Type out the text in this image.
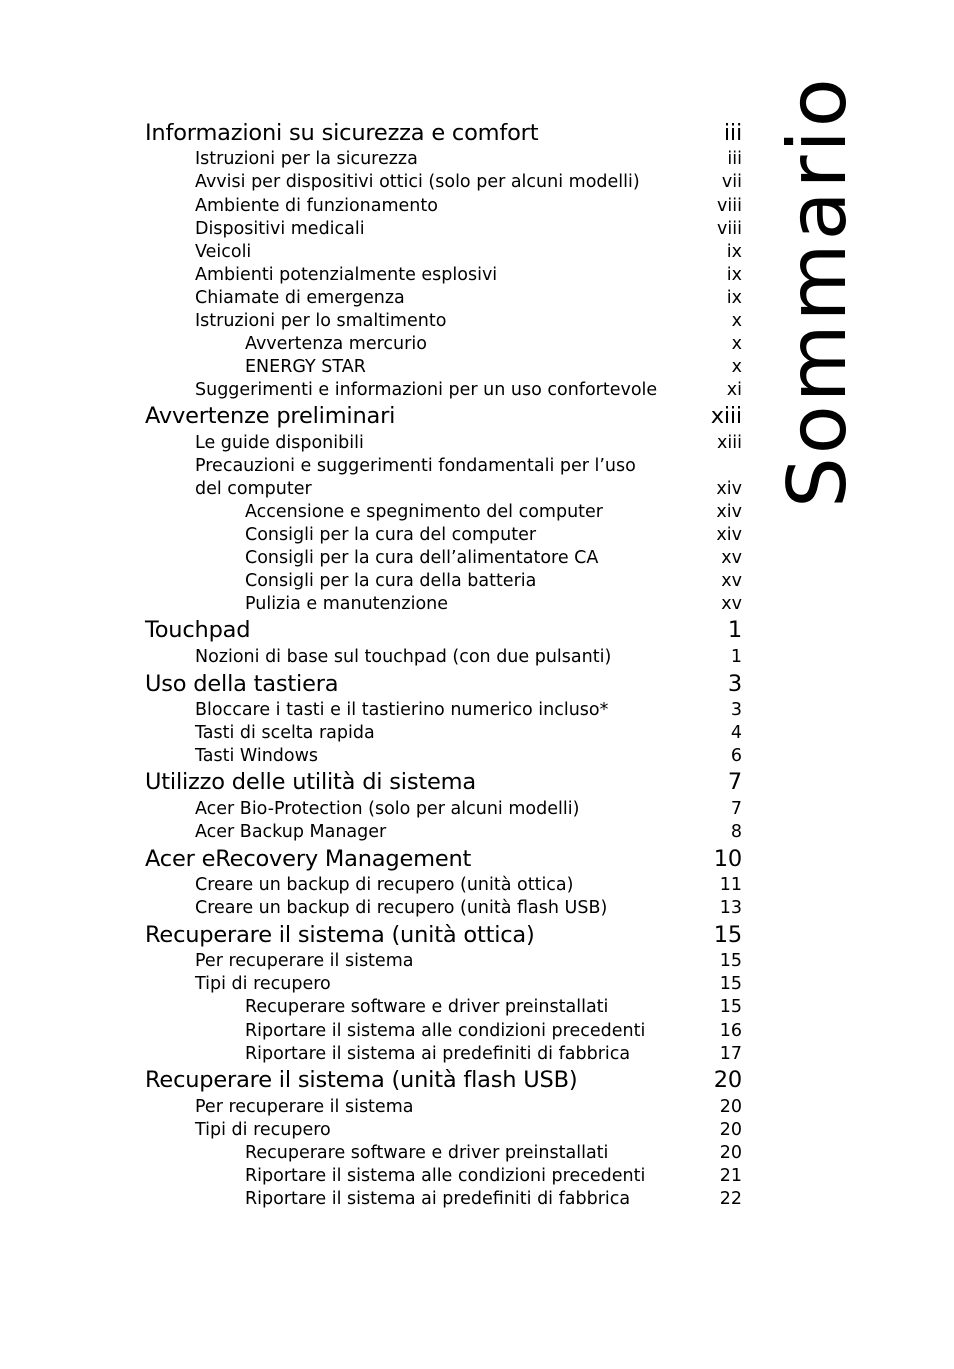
Sommario
Informazioni su sicurezza e comfort	iii
Istruzioni per la sicurezza	iii
Avvisi per dispositivi ottici (solo per alcuni modelli)	vii
Ambiente di funzionamento	viii
Dispositivi medicali	viii
Veicoli	ix
Ambienti potenzialmente esplosivi	ix
Chiamate di emergenza	ix
Istruzioni per lo smaltimento	x
Avvertenza mercurio	x
ENERGY STAR	x
Suggerimenti e informazioni per un uso confortevole	xi
Avvertenze preliminari	xiii
Le guide disponibili	xiii
Precauzioni e suggerimenti fondamentali per l’uso
del computer	xiv
Accensione e spegnimento del computer	xiv
Consigli per la cura del computer	xiv
Consigli per la cura dell’alimentatore CA	xv
Consigli per la cura della batteria	xv
Pulizia e manutenzione	xv
Touchpad	1
Nozioni di base sul touchpad (con due pulsanti)	1
Uso della tastiera	3
Bloccare i tasti e il tastierino numerico incluso*	3
Tasti di scelta rapida	4
Tasti Windows	6
Utilizzo delle utilità di sistema	7
Acer Bio-Protection (solo per alcuni modelli)	7
Acer Backup Manager	8
Acer eRecovery Management	10
Creare un backup di recupero (unità ottica)	11
Creare un backup di recupero (unità flash USB)	13
Recuperare il sistema (unità ottica)	15
Per recuperare il sistema	15
Tipi di recupero	15
Recuperare software e driver preinstallati	15
Riportare il sistema alle condizioni precedenti	16
Riportare il sistema ai predefiniti di fabbrica	17
Recuperare il sistema (unità flash USB)	20
Per recuperare il sistema	20
Tipi di recupero	20
Recuperare software e driver preinstallati	20
Riportare il sistema alle condizioni precedenti	21
Riportare il sistema ai predefiniti di fabbrica	22
